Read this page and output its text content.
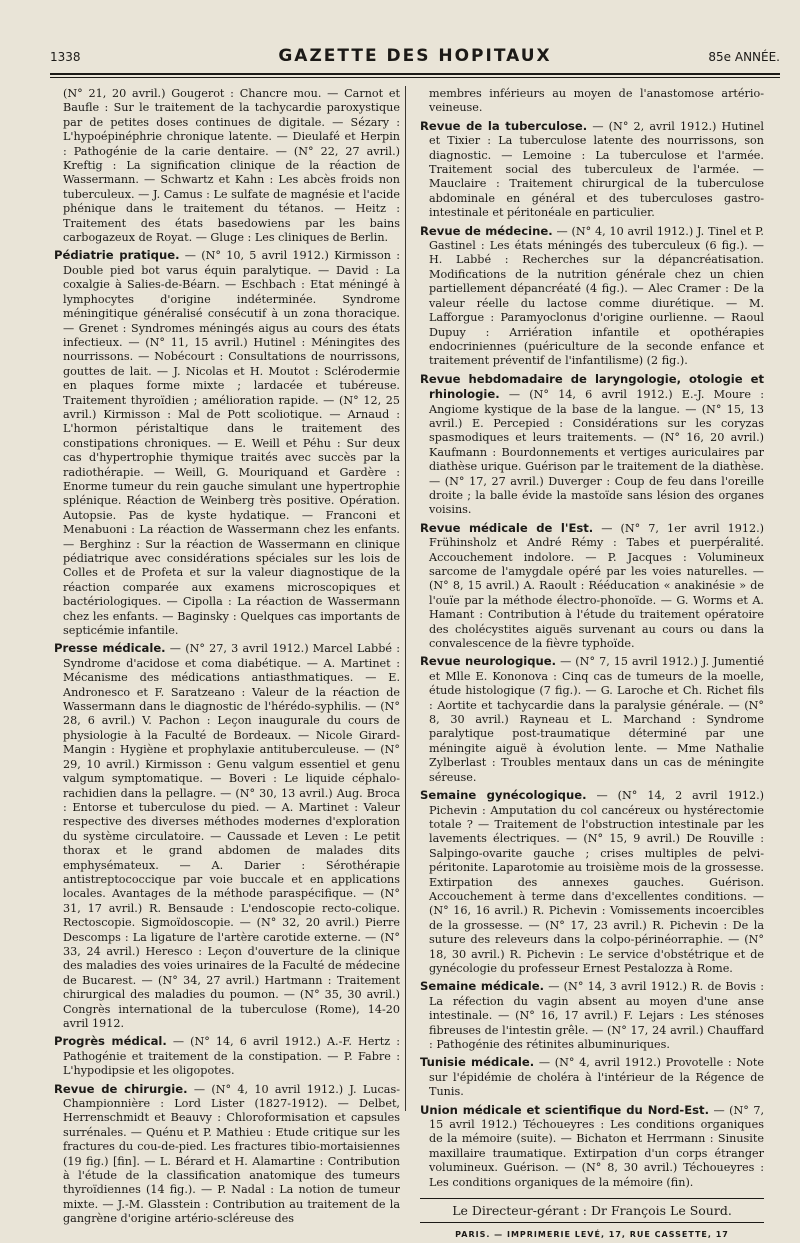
1338	GAZETTE DES HOPITAUX	85e ANNÉE.

(N° 21, 20 avril.) Gougerot : Chancre mou. — Carnot et Baufle : Sur le traitement de la tachycardie paroxystique par de petites doses continues de digitale. — Sézary : L'hypoépinéphrie chronique latente. — Dieulafé et Herpin : Pathogénie de la carie dentaire. — (N° 22, 27 avril.) Kreftig : La signification clinique de la réaction de Wassermann. — Schwartz et Kahn : Les abcès froids non tuberculeux. — J. Camus : Le sulfate de magnésie et l'acide phénique dans le traitement du tétanos. — Heitz : Traitement des états basedowiens par les bains carbogazeux de Royat. — Gluge : Les cliniques de Berlin.

Pédiatrie pratique. — (N° 10, 5 avril 1912.) Kirmisson : Double pied bot varus équin paralytique. — David : La coxalgie à Salies-de-Béarn. — Eschbach : Etat méningé à lymphocytes d'origine indéterminée. Syndrome méningitique généralisé consécutif à un zona thoracique. — Grenet : Syndromes méningés aigus au cours des états infectieux. — (N° 11, 15 avril.) Hutinel : Méningites des nourrissons. — Nobécourt : Consultations de nourrissons, gouttes de lait. — J. Nicolas et H. Moutot : Sclérodermie en plaques forme mixte ; lardacée et tubéreuse. Traitement thyroïdien ; amélioration rapide. — (N° 12, 25 avril.) Kirmisson : Mal de Pott scoliotique. — Arnaud : L'hormon péristaltique dans le traitement des constipations chroniques. — E. Weill et Péhu : Sur deux cas d'hypertrophie thymique traités avec succès par la radiothérapie. — Weill, G. Mouriquand et Gardère : Enorme tumeur du rein gauche simulant une hypertrophie splénique. Réaction de Weinberg très positive. Opération. Autopsie. Pas de kyste hydatique. — Franconi et Menabuoni : La réaction de Wassermann chez les enfants. — Berghinz : Sur la réaction de Wassermann en clinique pédiatrique avec considérations spéciales sur les lois de Colles et de Profeta et sur la valeur diagnostique de la réaction comparée aux examens microscopiques et bactériologiques. — Cipolla : La réaction de Wassermann chez les enfants. — Baginsky : Quelques cas importants de septicémie infantile.

Presse médicale. — (N° 27, 3 avril 1912.) Marcel Labbé : Syndrome d'acidose et coma diabétique. — A. Martinet : Mécanisme des médications antiasthmatiques. — E. Andronesco et F. Saratzeano : Valeur de la réaction de Wassermann dans le diagnostic de l'hérédo-syphilis. — (N° 28, 6 avril.) V. Pachon : Leçon inaugurale du cours de physiologie à la Faculté de Bordeaux. — Nicole Girard-Mangin : Hygiène et prophylaxie antituberculeuse. — (N° 29, 10 avril.) Kirmisson : Genu valgum essentiel et genu valgum symptomatique. — Boveri : Le liquide céphalo-rachidien dans la pellagre. — (N° 30, 13 avril.) Aug. Broca : Entorse et tuberculose du pied. — A. Martinet : Valeur respective des diverses méthodes modernes d'exploration du système circulatoire. — Caussade et Leven : Le petit thorax et le grand abdomen de malades dits emphysémateux. — A. Darier : Sérothérapie antistreptococcique par voie buccale et en applications locales. Avantages de la méthode paraspécifique. — (N° 31, 17 avril.) R. Bensaude : L'endoscopie recto-colique. Rectoscopie. Sigmoïdoscopie. — (N° 32, 20 avril.) Pierre Descomps : La ligature de l'artère carotide externe. — (N° 33, 24 avril.) Heresco : Leçon d'ouverture de la clinique des maladies des voies urinaires de la Faculté de médecine de Bucarest. — (N° 34, 27 avril.) Hartmann : Traitement chirurgical des maladies du poumon. — (N° 35, 30 avril.) Congrès international de la tuberculose (Rome), 14-20 avril 1912.

Progrès médical. — (N° 14, 6 avril 1912.) A.-F. Hertz : Pathogénie et traitement de la constipation. — P. Fabre : L'hypodipsie et les oligopotes.

Revue de chirurgie. — (N° 4, 10 avril 1912.) J. Lucas-Championnière : Lord Lister (1827-1912). — Delbet, Herrenschmidt et Beauvy : Chloroformisation et capsules surrénales. — Quénu et P. Mathieu : Etude critique sur les fractures du cou-de-pied. Les fractures tibio-mortaisiennes (19 fig.) [fin]. — L. Bérard et H. Alamartine : Contribution à l'étude de la classification anatomique des tumeurs thyroïdiennes (14 fig.). — P. Nadal : La notion de tumeur mixte. — J.-M. Glasstein : Contribution au traitement de la gangrène d'origine artério-scléreuse des

membres inférieurs au moyen de l'anastomose artério-veineuse.

Revue de la tuberculose. — (N° 2, avril 1912.) Hutinel et Tixier : La tuberculose latente des nourrissons, son diagnostic. — Lemoine : La tuberculose et l'armée. Traitement social des tuberculeux de l'armée. — Mauclaire : Traitement chirurgical de la tuberculose abdominale en général et des tuberculoses gastro-intestinale et péritonéale en particulier.

Revue de médecine. — (N° 4, 10 avril 1912.) J. Tinel et P. Gastinel : Les états méningés des tuberculeux (6 fig.). — H. Labbé : Recherches sur la dépancréatisation. Modifications de la nutrition générale chez un chien partiellement dépancréaté (4 fig.). — Alec Cramer : De la valeur réelle du lactose comme diurétique. — M. Lafforgue : Paramyoclonus d'origine ourlienne. — Raoul Dupuy : Arriération infantile et opothérapies endocriniennes (puériculture de la seconde enfance et traitement préventif de l'infantilisme) (2 fig.).

Revue hebdomadaire de laryngologie, otologie et rhinologie. — (N° 14, 6 avril 1912.) E.-J. Moure : Angiome kystique de la base de la langue. — (N° 15, 13 avril.) E. Percepied : Considérations sur les coryzas spasmodiques et leurs traitements. — (N° 16, 20 avril.) Kaufmann : Bourdonnements et vertiges auriculaires par diathèse urique. Guérison par le traitement de la diathèse. — (N° 17, 27 avril.) Duverger : Coup de feu dans l'oreille droite ; la balle évide la mastoïde sans lésion des organes voisins.

Revue médicale de l'Est. — (N° 7, 1er avril 1912.) Frühinsholz et André Rémy : Tabes et puerpéralité. Accouchement indolore. — P. Jacques : Volumineux sarcome de l'amygdale opéré par les voies naturelles. — (N° 8, 15 avril.) A. Raoult : Rééducation « anakinésie » de l'ouïe par la méthode électro-phonoïde. — G. Worms et A. Hamant : Contribution à l'étude du traitement opératoire des cholécystites aiguës survenant au cours ou dans la convalescence de la fièvre typhoïde.

Revue neurologique. — (N° 7, 15 avril 1912.) J. Jumentié et Mlle E. Kononova : Cinq cas de tumeurs de la moelle, étude histologique (7 fig.). — G. Laroche et Ch. Richet fils : Aortite et tachycardie dans la paralysie générale. — (N° 8, 30 avril.) Rayneau et L. Marchand : Syndrome paralytique post-traumatique déterminé par une méningite aiguë à évolution lente. — Mme Nathalie Zylberlast : Troubles mentaux dans un cas de méningite séreuse.

Semaine gynécologique. — (N° 14, 2 avril 1912.) Pichevin : Amputation du col cancéreux ou hystérectomie totale ? — Traitement de l'obstruction intestinale par les lavements électriques. — (N° 15, 9 avril.) De Rouville : Salpingo-ovarite gauche ; crises multiples de pelvi-péritonite. Laparotomie au troisième mois de la grossesse. Extirpation des annexes gauches. Guérison. Accouchement à terme dans d'excellentes conditions. — (N° 16, 16 avril.) R. Pichevin : Vomissements incoercibles de la grossesse. — (N° 17, 23 avril.) R. Pichevin : De la suture des releveurs dans la colpo-périnéorraphie. — (N° 18, 30 avril.) R. Pichevin : Le service d'obstétrique et de gynécologie du professeur Ernest Pestalozza à Rome.

Semaine médicale. — (N° 14, 3 avril 1912.) R. de Bovis : La réfection du vagin absent au moyen d'une anse intestinale. — (N° 16, 17 avril.) F. Lejars : Les sténoses fibreuses de l'intestin grêle. — (N° 17, 24 avril.) Chauffard : Pathogénie des rétinites albuminuriques.

Tunisie médicale. — (N° 4, avril 1912.) Provotelle : Note sur l'épidémie de choléra à l'intérieur de la Régence de Tunis.

Union médicale et scientifique du Nord-Est. — (N° 7, 15 avril 1912.) Téchoueyres : Les conditions organiques de la mémoire (suite). — Bichaton et Herrmann : Sinusite maxillaire traumatique. Extirpation d'un corps étranger volumineux. Guérison. — (N° 8, 30 avril.) Téchoueyres : Les conditions organiques de la mémoire (fin).

Le Directeur-gérant : Dr François Le Sourd.
PARIS. — IMPRIMERIE LEVÉ, 17, RUE CASSETTE, 17
